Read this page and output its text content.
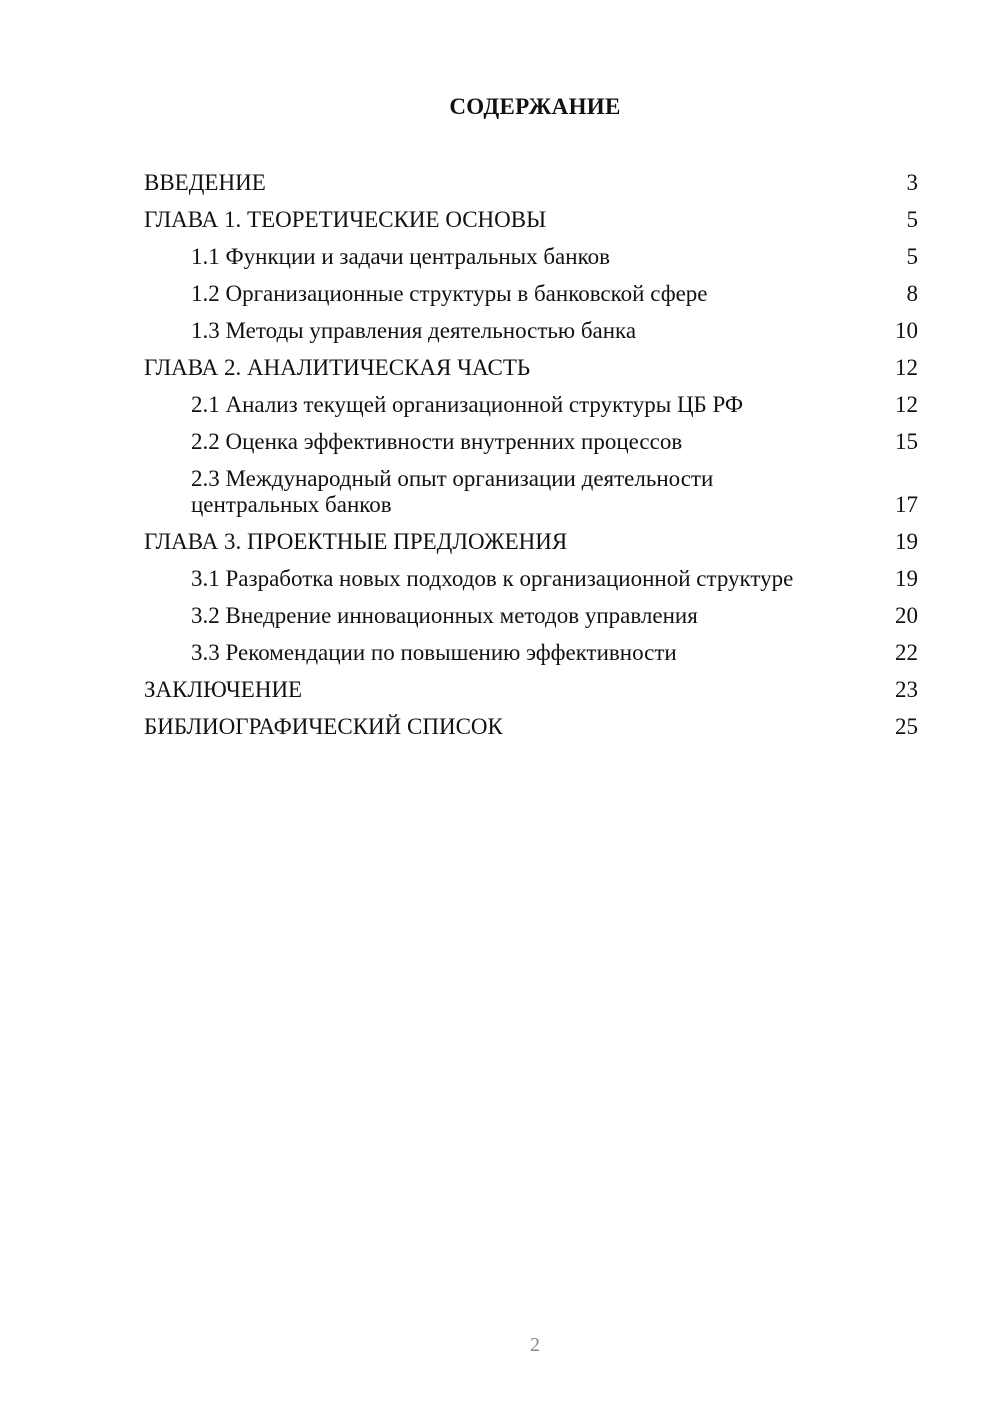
СОДЕРЖАНИЕ
ВВЕДЕНИЕ	3
ГЛАВА 1. ТЕОРЕТИЧЕСКИЕ ОСНОВЫ	5
1.1 Функции и задачи центральных банков	5
1.2 Организационные структуры в банковской сфере	8
1.3 Методы управления деятельностью банка	10
ГЛАВА 2. АНАЛИТИЧЕСКАЯ ЧАСТЬ	12
2.1 Анализ текущей организационной структуры ЦБ РФ	12
2.2 Оценка эффективности внутренних процессов	15
2.3 Международный опыт организации деятельности центральных банков	17
ГЛАВА 3. ПРОЕКТНЫЕ ПРЕДЛОЖЕНИЯ	19
3.1 Разработка новых подходов к организационной структуре	19
3.2 Внедрение инновационных методов управления	20
3.3 Рекомендации по повышению эффективности	22
ЗАКЛЮЧЕНИЕ	23
БИБЛИОГРАФИЧЕСКИЙ СПИСОК	25
2
